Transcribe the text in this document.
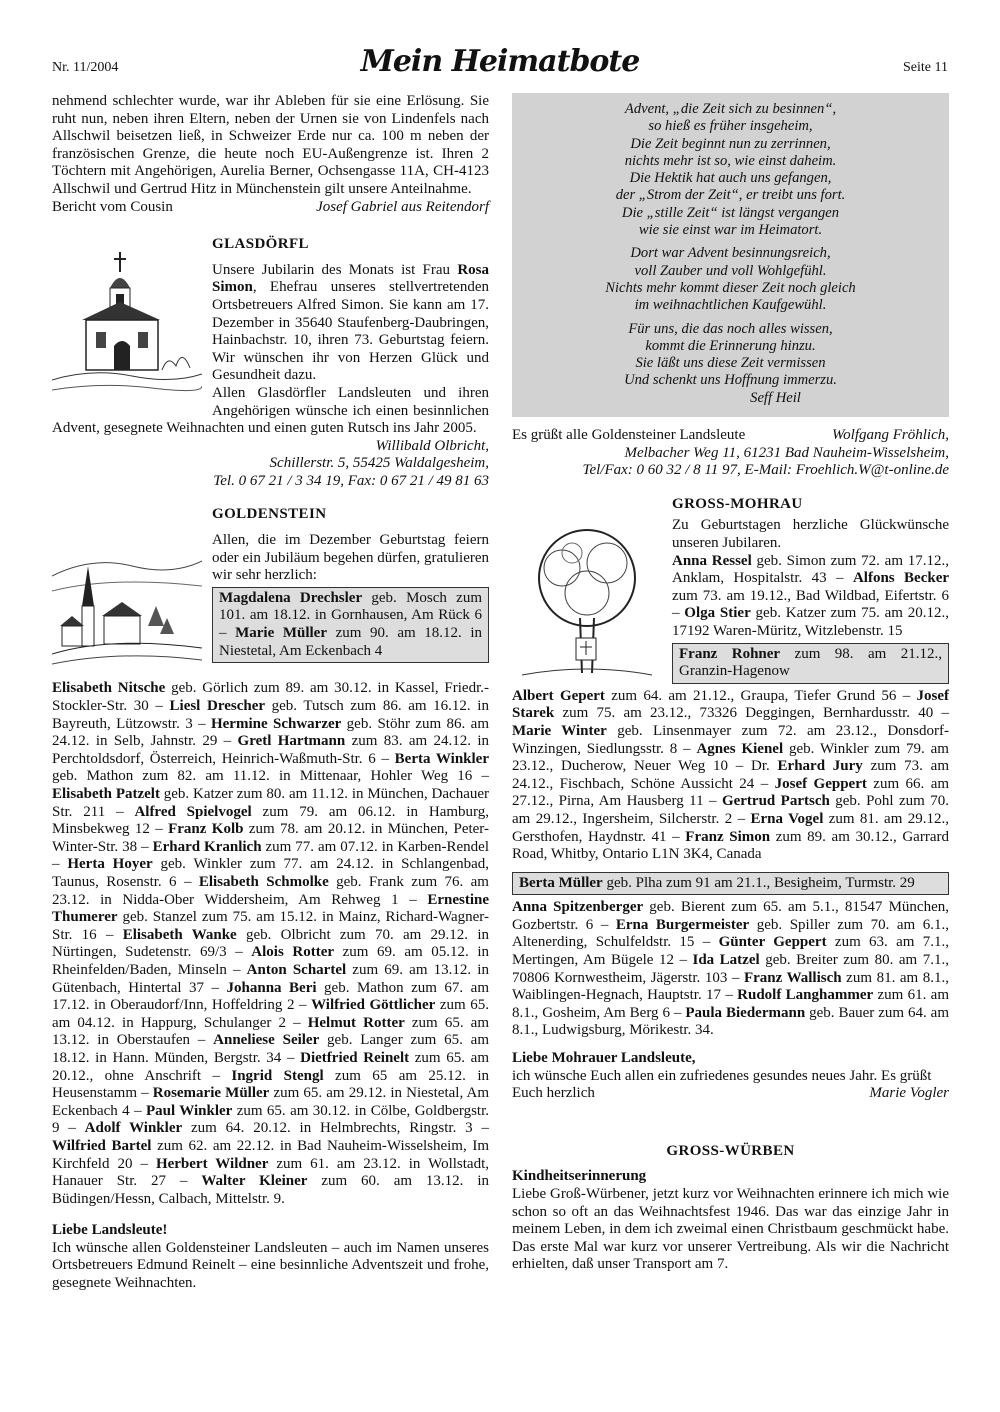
Nr. 11/2004	Mein Heimatbote	Seite 11

nehmend schlechter wurde, war ihr Ableben für sie eine Erlösung. Sie ruht nun, neben ihren Eltern, neben der Urnen sie von Lindenfels nach Allschwil beisetzen ließ, in Schweizer Erde nur ca. 100 m neben der französischen Grenze, die heute noch EU-Außengrenze ist. Ihren 2 Töchtern mit Angehörigen, Aurelia Berner, Ochsengasse 11A, CH-4123 Allschwil und Gertrud Hitz in Münchenstein gilt unsere Anteilnahme.

Bericht vom Cousin	Josef Gabriel aus Reitendorf
GLASDÖRFL

Unsere Jubilarin des Monats ist Frau Rosa Simon, Ehefrau unseres stellvertretenden Ortsbetreuers Alfred Simon. Sie kann am 17. Dezember in 35640 Staufenberg-Daubringen, Hainbachstr. 10, ihren 73. Geburtstag feiern. Wir wünschen ihr von Herzen Glück und Gesundheit dazu.

Allen Glasdörfler Landsleuten und ihren Angehörigen wünsche ich einen besinnlichen Advent, gesegnete Weihnachten und einen guten Rutsch ins Jahr 2005.

Willibald Olbricht,
Schillerstr. 5, 55425 Waldalgesheim,
Tel. 0 67 21 / 3 34 19, Fax: 0 67 21 / 49 81 63

GOLDENSTEIN

Allen, die im Dezember Geburtstag feiern oder ein Jubiläum begehen dürfen, gratulieren wir sehr herzlich:

Magdalena Drechsler geb. Mosch zum 101. am 18.12. in Gornhausen, Am Rück 6 – Marie Müller zum 90. am 18.12. in Niestetal, Am Eckenbach 4

Elisabeth Nitsche geb. Görlich zum 89. am 30.12. in Kassel, Friedr.-Stockler-Str. 30 – Liesl Drescher geb. Tutsch zum 86. am 16.12. in Bayreuth, Lützowstr. 3 – Hermine Schwarzer geb. Stöhr zum 86. am 24.12. in Selb, Jahnstr. 29 – Gretl Hartmann zum 83. am 24.12. in Perchtoldsdorf, Österreich, Heinrich-Waßmuth-Str. 6 – Berta Winkler geb. Mathon zum 82. am 11.12. in Mittenaar, Hohler Weg 16 – Elisabeth Patzelt geb. Katzer zum 80. am 11.12. in München, Dachauer Str. 211 – Alfred Spielvogel zum 79. am 06.12. in Hamburg, Minsbekweg 12 – Franz Kolb zum 78. am 20.12. in München, Peter-Winter-Str. 38 – Erhard Kranlich zum 77. am 07.12. in Karben-Rendel – Herta Hoyer geb. Winkler zum 77. am 24.12. in Schlangenbad, Taunus, Rosenstr. 6 – Elisabeth Schmolke geb. Frank zum 76. am 23.12. in Nidda-Ober Widdersheim, Am Rehweg 1 – Ernestine Thumerer geb. Stanzel zum 75. am 15.12. in Mainz, Richard-Wagner-Str. 16 – Elisabeth Wanke geb. Olbricht zum 70. am 29.12. in Nürtingen, Sudetenstr. 69/3 – Alois Rotter zum 69. am 05.12. in Rheinfelden/Baden, Minseln – Anton Schartel zum 69. am 13.12. in Gütenbach, Hintertal 37 – Johanna Beri geb. Mathon zum 67. am 17.12. in Oberaudorf/Inn, Hoffeldring 2 – Wilfried Göttlicher zum 65. am 04.12. in Happurg, Schulanger 2 – Helmut Rotter zum 65. am 13.12. in Oberstaufen – Anneliese Seiler geb. Langer zum 65. am 18.12. in Hann. Münden, Bergstr. 34 – Dietfried Reinelt zum 65. am 20.12., ohne Anschrift – Ingrid Stengl zum 65 am 25.12. in Heusenstamm – Rosemarie Müller zum 65. am 29.12. in Niestetal, Am Eckenbach 4 – Paul Winkler zum 65. am 30.12. in Cölbe, Goldbergstr. 9 – Adolf Winkler zum 64. 20.12. in Helmbrechts, Ringstr. 3 – Wilfried Bartel zum 62. am 22.12. in Bad Nauheim-Wisselsheim, Im Kirchfeld 20 – Herbert Wildner zum 61. am 23.12. in Wollstadt, Hanauer Str. 27 – Walter Kleiner zum 60. am 13.12. in Büdingen/Hessn, Calbach, Mittelstr. 9.

Liebe Landsleute!

Ich wünsche allen Goldensteiner Landsleuten – auch im Namen unseres Ortsbetreuers Edmund Reinelt – eine besinnliche Adventszeit und frohe, gesegnete Weihnachten.

Advent, „die Zeit sich zu besinnen“,
so hieß es früher insgeheim,
Die Zeit beginnt nun zu zerrinnen,
nichts mehr ist so, wie einst daheim.
Die Hektik hat auch uns gefangen,
der „Strom der Zeit“, er treibt uns fort.
Die „stille Zeit“ ist längst vergangen
wie sie einst war im Heimatort.
Dort war Advent besinnungsreich,
voll Zauber und voll Wohlgefühl.
Nichts mehr kommt dieser Zeit noch gleich
im weihnachtlichen Kaufgewühl.
Für uns, die das noch alles wissen,
kommt die Erinnerung hinzu.
Sie läßt uns diese Zeit vermissen
Und schenkt uns Hoffnung immerzu.
Seff Heil
Es grüßt alle Goldensteiner Landsleute	Wolfgang Fröhlich,

Melbacher Weg 11, 61231 Bad Nauheim-Wisselsheim,

Tel/Fax: 0 60 32 / 8 11 97, E-Mail: Froehlich.W@t-online.de

GROSS-MOHRAU

Zu Geburtstagen herzliche Glückwünsche unseren Jubilaren.

Anna Ressel geb. Simon zum 72. am 17.12., Anklam, Hospitalstr. 43 – Alfons Becker zum 73. am 19.12., Bad Wildbad, Eifertstr. 6 – Olga Stier geb. Katzer zum 75. am 20.12., 17192 Waren-Müritz, Witzlebenstr. 15

Franz Rohner zum 98. am 21.12., Granzin-Hagenow

Albert Gepert zum 64. am 21.12., Graupa, Tiefer Grund 56 – Josef Starek zum 75. am 23.12., 73326 Deggingen, Bernhardusstr. 40 – Marie Winter geb. Linsenmayer zum 72. am 23.12., Donsdorf-Winzingen, Siedlungsstr. 8 – Agnes Kienel geb. Winkler zum 79. am 23.12., Ducherow, Neuer Weg 10 – Dr. Erhard Jury zum 73. am 24.12., Fischbach, Schöne Aussicht 24 – Josef Geppert zum 66. am 27.12., Pirna, Am Hausberg 11 – Gertrud Partsch geb. Pohl zum 70. am 29.12., Ingersheim, Silcherstr. 2 – Erna Vogel zum 81. am 29.12., Gersthofen, Haydnstr. 41 – Franz Simon zum 89. am 30.12., Garrard Road, Whitby, Ontario L1N 3K4, Canada

Berta Müller geb. Plha zum 91 am 21.1., Besigheim, Turmstr. 29

Anna Spitzenberger geb. Bierent zum 65. am 5.1., 81547 München, Gozbertstr. 6 – Erna Burgermeister geb. Spiller zum 70. am 6.1., Altenerding, Schulfeldstr. 15 – Günter Geppert zum 63. am 7.1., Mertingen, Am Bügele 12 – Ida Latzel geb. Breiter zum 80. am 7.1., 70806 Kornwestheim, Jägerstr. 103 – Franz Wallisch zum 81. am 8.1., Waiblingen-Hegnach, Hauptstr. 17 – Rudolf Langhammer zum 61. am 8.1., Gosheim, Am Berg 6 – Paula Biedermann geb. Bauer zum 64. am 8.1., Ludwigsburg, Mörikestr. 34.

Liebe Mohrauer Landsleute,

ich wünsche Euch allen ein zufriedenes gesundes neues Jahr. Es grüßt Euch herzlich	Marie Vogler

GROSS-WÜRBEN
Kindheitserinnerung

Liebe Groß-Würbener, jetzt kurz vor Weihnachten erinnere ich mich wie schon so oft an das Weihnachtsfest 1946. Das war das einzige Jahr in meinem Leben, in dem ich zweimal einen Christbaum geschmückt habe. Das erste Mal war kurz vor unserer Vertreibung. Als wir die Nachricht erhielten, daß unser Transport am 7.
